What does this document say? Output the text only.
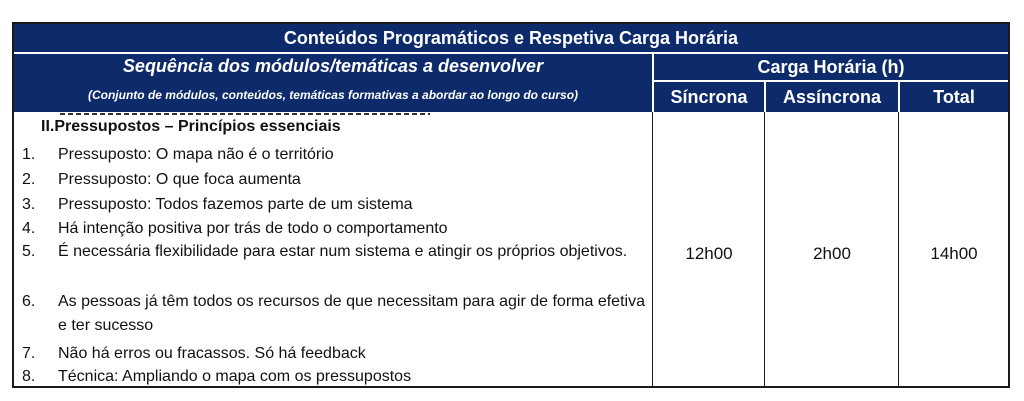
Conteúdos Programáticos e Respetiva Carga Horária
Sequência dos módulos/temáticas a desenvolver
(Conjunto de módulos, conteúdos, temáticas formativas a abordar ao longo do curso)
Carga Horária (h)
Síncrona	Assíncrona	Total
II.Pressupostos – Princípios essenciais
1.	Pressuposto: O mapa não é o território
2.	Pressuposto: O que foca aumenta
3.	Pressuposto: Todos fazemos parte de um sistema
4.	Há intenção positiva por trás de todo o comportamento
5.	É necessária flexibilidade para estar num sistema e atingir os próprios objetivos.
6.	As pessoas já têm todos os recursos de que necessitam para agir de forma efetiva e ter sucesso
7.	Não há erros ou fracassos. Só há feedback
8.	Técnica: Ampliando o mapa com os pressupostos
12h00	2h00	14h00
